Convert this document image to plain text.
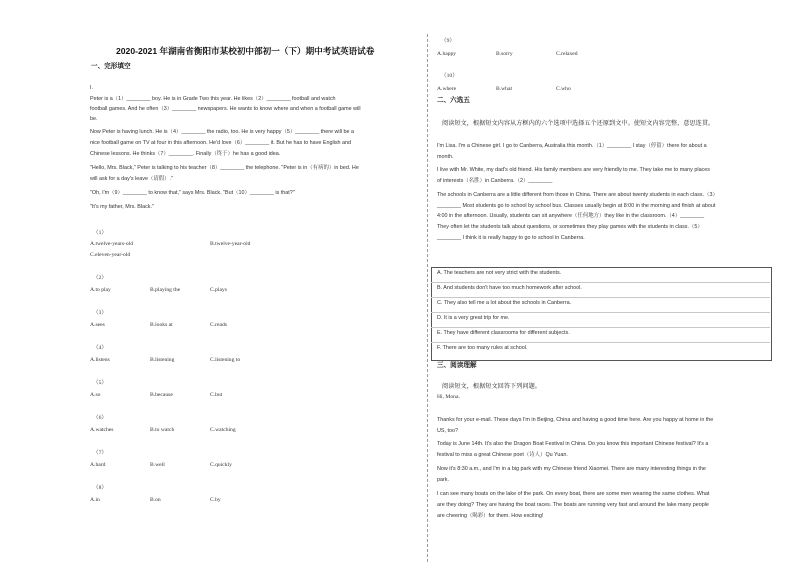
2020-2021 年湖南省衡阳市某校初中部初一（下）期中考试英语试卷
一、完形填空
I.
Peter is a（1）________ boy. He is in Grade Two this year. He likes（2）________ football and watch
football games. And he often（3）________ newspapers. He wants to know where and when a football game will
be.
Now Peter is having lunch. He is（4）________ the radio, too. He is very happy（5）________ there will be a
nice football game on TV at four in this afternoon. He'd love（6）________ it. But he has to have English and
Chinese lessons. He thinks（7）________. Finally（终于）he has a good idea.
"Hello, Mrs. Black," Peter is talking to his teacher（8）________ the telephone. "Peter is in（有病的）in bed. He
will ask for a day's leave（请假）."
"Oh, I'm（9）________ to know that," says Mrs. Black. "But（10）________ is that?"
"It's my father, Mrs. Black."
（1）
A.twelve-years-old	B.twelve-year-old
C.eleven-year-old
（2）
A.to play	B.playing the	C.plays
（3）
A.sees	B.looks at	C.reads
（4）
A.listens	B.listening	C.listening to
（5）
A.so	B.because	C.but
（6）
A.watches	B.to watch	C.watching
（7）
A.hard	B.well	C.quickly
（8）
A.in	B.on	C.by
（9）
A.happy	B.sorry	C.relaxed
（10）
A.where	B.what	C.who
二、六选五
阅读短文，根据短文内容从方框内的六个选项中选择五个还原到文中。使短文内容完整、意思连贯。
I'm Lisa. I'm a Chinese girl. I go to Canberra, Australia this month.（1）________ I stay（停留）there for about a
month.
I live with Mr. White, my dad's old friend. His family members are very friendly to me. They take me to many places
of interests（名胜）in Canberra.（2）________
The schools in Canberra are a little different from those in China. There are about twenty students in each class.（3）
________ Most students go to school by school bus. Classes usually begin at 8:00 in the morning and finish at about
4:00 in the afternoon. Usually, students can sit anywhere（任何地方）they like in the classroom.（4）________
They often let the students talk about questions, or sometimes they play games with the students in class.（5）
________ I think it is really happy to go to school in Canberra.
三、阅读理解
阅读短文，根据短文回答下列问题。
Hi, Mona.
Thanks for your e-mail. These days I'm in Beijing, China and having a good time here. Are you happy at home in the
US, too?
Today is June 14th. It's also the Dragon Boat Festival in China. Do you know this important Chinese festival? It's a
festival to miss a great Chinese poet（诗人）Qu Yuan.
Now it's 8:30 a.m., and I'm in a big park with my Chinese friend Xiaomei. There are many interesting things in the
park.
I can see many boats on the lake of the park. On every boat, there are some men wearing the same clothes. What
are they doing? They are having the boat races. The boats are running very fast and around the lake many people
are cheering（喝彩）for them. How exciting!
A. The teachers are not very strict with the students.
B. And students don't have too much homework after school.
C. They also tell me a lot about the schools in Canberra.
D. It is a very great trip for me.
E. They have different classrooms for different subjects.
F. There are too many rules at school.
